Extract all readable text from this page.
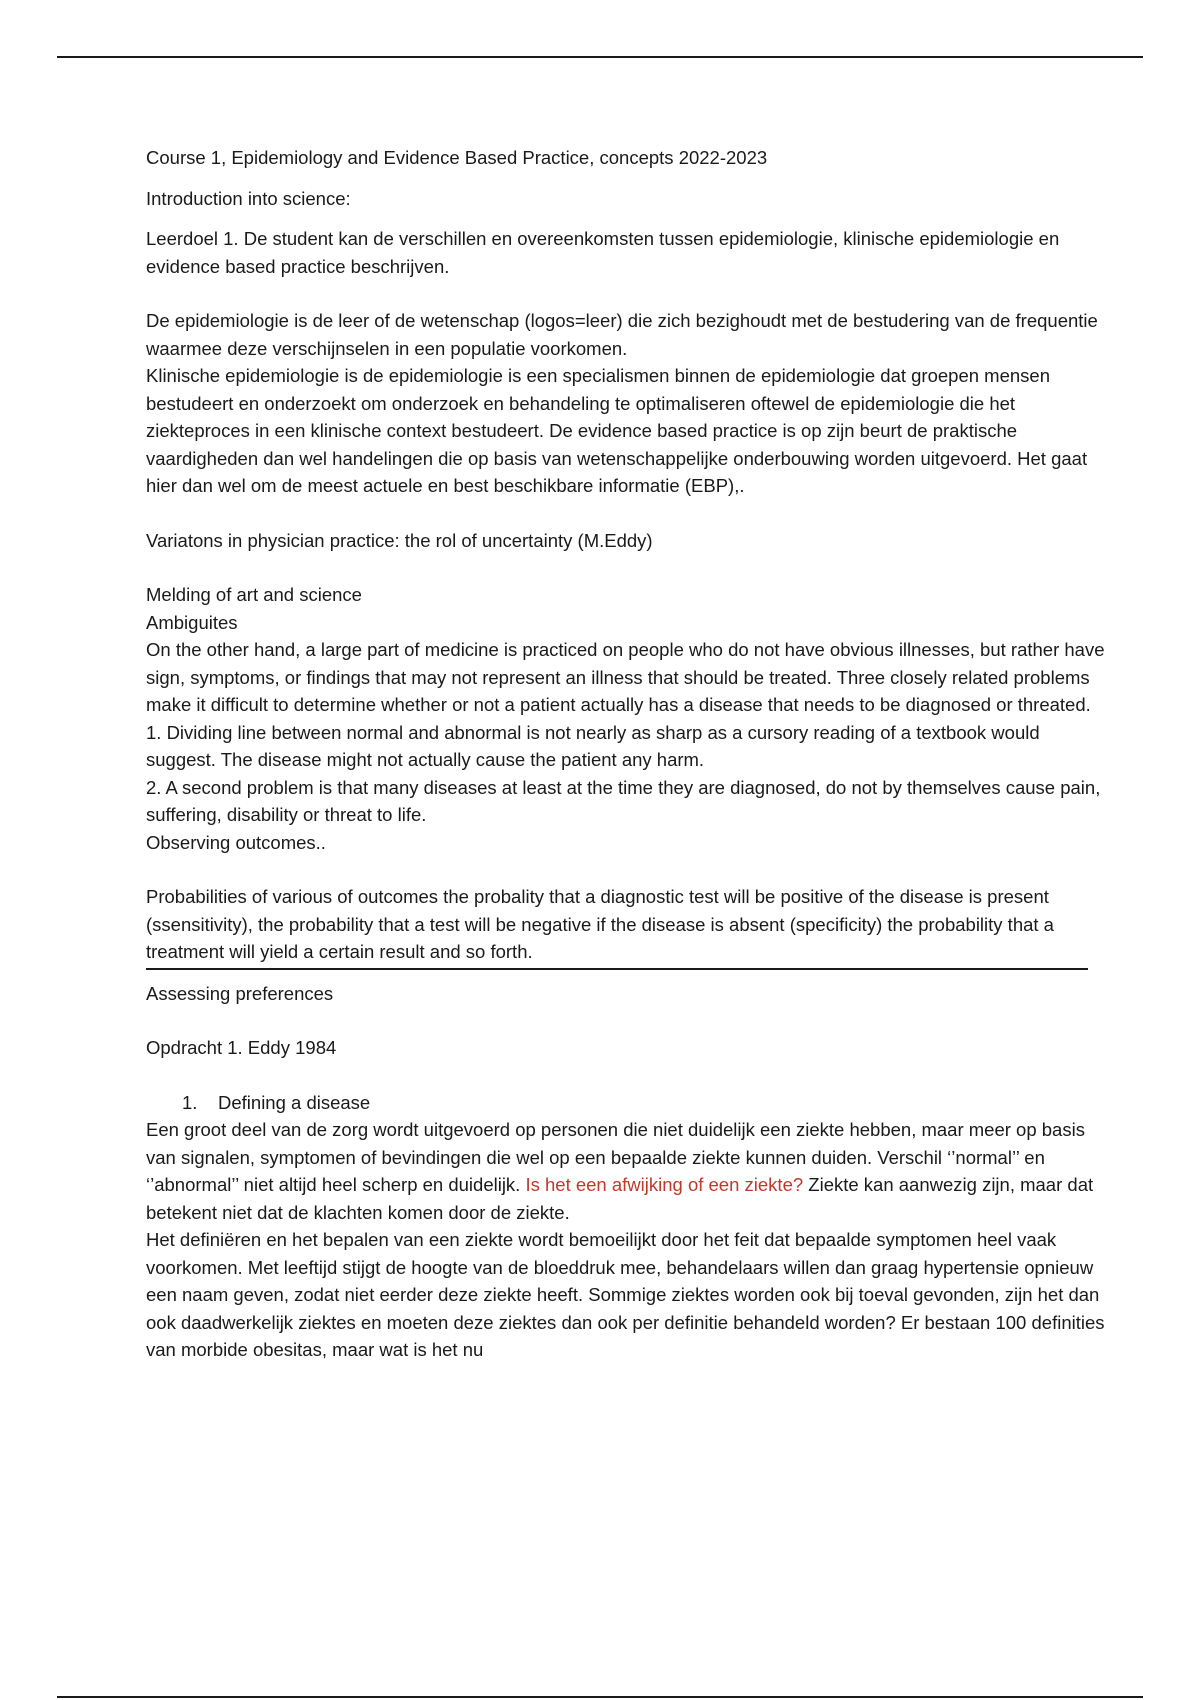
Course 1, Epidemiology and Evidence Based Practice, concepts 2022-2023

Introduction into science:

Leerdoel 1. De student kan de verschillen en overeenkomsten tussen epidemiologie, klinische epidemiologie en evidence based practice beschrijven.

De epidemiologie is de leer of de wetenschap (logos=leer) die zich bezighoudt met de bestudering van de frequentie waarmee deze verschijnselen in een populatie voorkomen.

Klinische epidemiologie is de epidemiologie is een specialismen binnen de epidemiologie dat groepen mensen bestudeert en onderzoekt om onderzoek en behandeling te optimaliseren oftewel de epidemiologie die het ziekteproces in een klinische context bestudeert. De evidence based practice is op zijn beurt de praktische vaardigheden dan wel handelingen die op basis van wetenschappelijke onderbouwing worden uitgevoerd. Het gaat hier dan wel om de meest actuele en best beschikbare informatie (EBP),.

Variatons in physician practice: the rol of uncertainty (M.Eddy)

Melding of art and science

Ambiguites

On the other hand, a large part of medicine is practiced on people who do not have obvious illnesses, but rather have sign, symptoms, or findings that may not represent an illness that should be treated. Three closely related problems make it difficult to determine whether or not a patient actually has a disease that needs to be diagnosed or threated.

1. Dividing line between normal and abnormal is not nearly as sharp as a cursory reading of a textbook would suggest. The disease might not actually cause the patient any harm.

2. A second problem is that many diseases at least at the time they are diagnosed, do not by themselves cause pain, suffering, disability or threat to life.

Observing outcomes..

Probabilities of various of outcomes the probality that a diagnostic test will be positive of the disease is present (ssensitivity), the probability that a test will be negative if the disease is absent (specificity) the probability that a treatment will yield a certain result and so forth.

Assessing preferences

Opdracht 1. Eddy 1984

1.	Defining a disease

Een groot deel van de zorg wordt uitgevoerd op personen die niet duidelijk een ziekte hebben, maar meer op basis van signalen, symptomen of bevindingen die wel op een bepaalde ziekte kunnen duiden. Verschil ‘’normal’’ en ‘’abnormal’’ niet altijd heel scherp en duidelijk. Is het een afwijking of een ziekte? Ziekte kan aanwezig zijn, maar dat betekent niet dat de klachten komen door de ziekte.

Het definiëren en het bepalen van een ziekte wordt bemoeilijkt door het feit dat bepaalde symptomen heel vaak voorkomen. Met leeftijd stijgt de hoogte van de bloeddruk mee, behandelaars willen dan graag hypertensie opnieuw een naam geven, zodat niet eerder deze ziekte heeft. Sommige ziektes worden ook bij toeval gevonden, zijn het dan ook daadwerkelijk ziektes en moeten deze ziektes dan ook per definitie behandeld worden? Er bestaan 100 definities van morbide obesitas, maar wat is het nu
